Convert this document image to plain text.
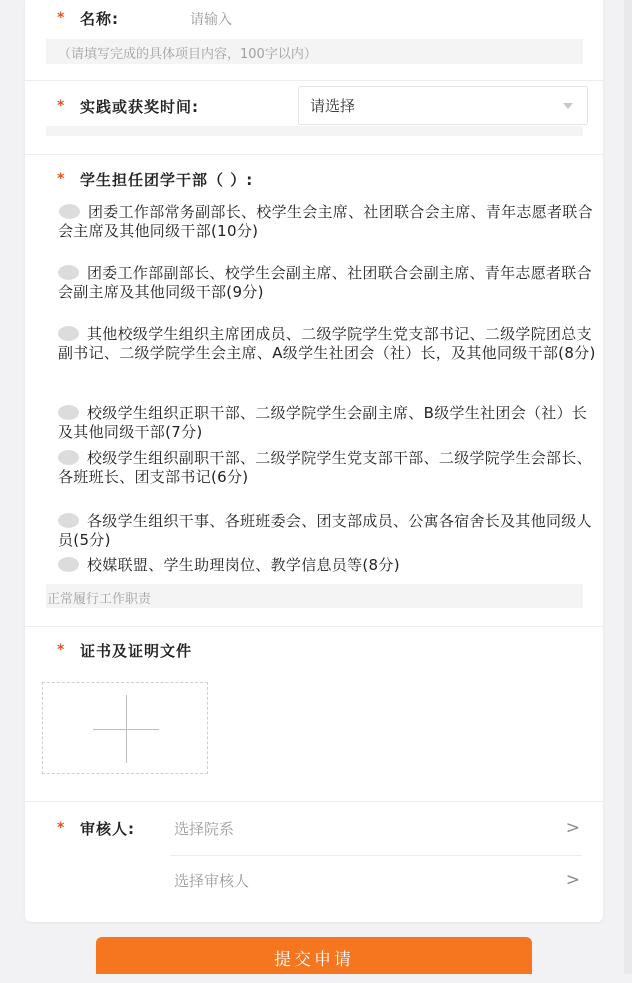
* 名称:	请输入
（请填写完成的具体项目内容，100字以内）
* 实践或获奖时间:	请选择
* 学生担任团学干部（ ）:
团委工作部常务副部长、校学生会主席、社团联合会主席、青年志愿者联合会主席及其他同级干部(10分)
团委工作部副部长、校学生会副主席、社团联合会副主席、青年志愿者联合会副主席及其他同级干部(9分)
其他校级学生组织主席团成员、二级学院学生党支部书记、二级学院团总支副书记、二级学院学生会主席、A级学生社团会（社）长，及其他同级干部(8分)
校级学生组织正职干部、二级学院学生会副主席、B级学生社团会（社）长及其他同级干部(7分)
校级学生组织副职干部、二级学院学生党支部干部、二级学院学生会部长、各班班长、团支部书记(6分)
各级学生组织干事、各班班委会、团支部成员、公寓各宿舍长及其他同级人员(5分)
校媒联盟、学生助理岗位、教学信息员等(8分)
正常履行工作职责
* 证书及证明文件
* 审核人:	选择院系	>
选择审核人	>
提交申请
